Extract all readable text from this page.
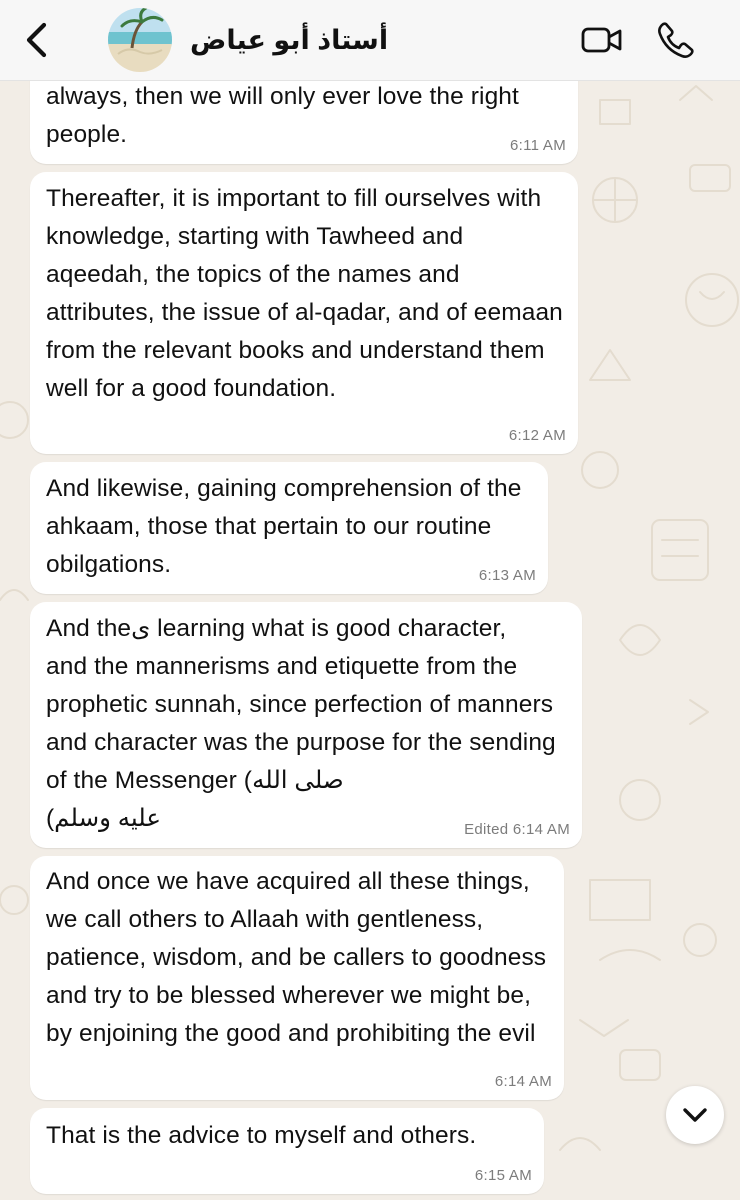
أستاذ أبو عياض
always, then we will only ever love the right people.	6:11 AM
Thereafter, it is important to fill ourselves with knowledge, starting with Tawheed and aqeedah, the topics of the names and attributes, the issue of al-qadar, and of eemaan from the relevant books and understand them well for a good foundation.
6:12 AM
And likewise, gaining comprehension of the ahkaam, those that pertain to our routine obilgations.	6:13 AM
And theى learning what is good character,
and the mannerisms and etiquette from the prophetic sunnah, since perfection of manners and character was the purpose for the sending of the Messenger (صلى الله
عليه وسلم)	Edited 6:14 AM
And once we have acquired all these things, we call others to Allaah with gentleness, patience, wisdom, and be callers to goodness and try to be blessed wherever we might be, by enjoining the good and prohibiting the evil
6:14 AM
That is the advice to myself and others.
6:15 AM
